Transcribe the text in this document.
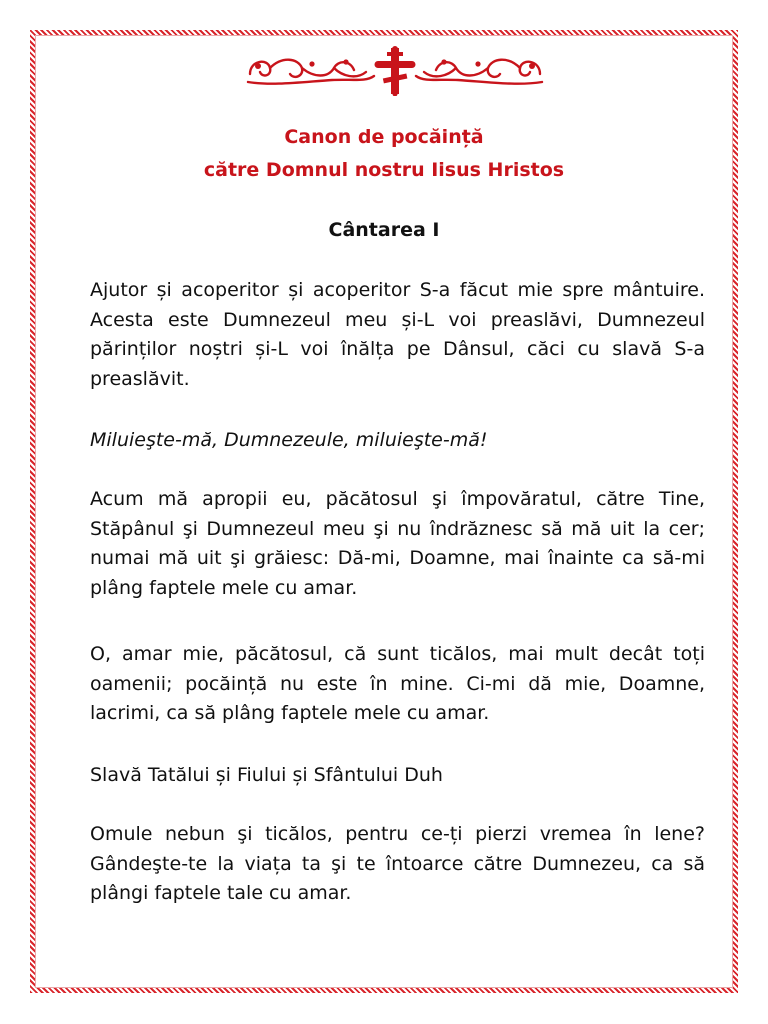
Canon de pocăință
către Domnul nostru Iisus Hristos
Cântarea I

Ajutor și acoperitor și acoperitor S-a făcut mie spre mântuire. Acesta este Dumnezeul meu și-L voi preaslăvi, Dumnezeul părinților noștri și-L voi înălța pe Dânsul, căci cu slavă S-a preaslăvit.

Miluieşte-mă, Dumnezeule, miluieşte-mă!

Acum mă apropii eu, păcătosul şi împovăratul, către Tine, Stăpânul şi Dumnezeul meu şi nu îndrăznesc să mă uit la cer; numai mă uit şi grăiesc: Dă-mi, Doamne, mai înainte ca să-mi plâng faptele mele cu amar.

O, amar mie, păcătosul, că sunt ticălos, mai mult decât toți oamenii; pocăință nu este în mine. Ci-mi dă mie, Doamne, lacrimi, ca să plâng faptele mele cu amar.

Slavă Tatălui și Fiului și Sfântului Duh

Omule nebun şi ticălos, pentru ce-ți pierzi vremea în lene? Gândeşte-te la viața ta şi te întoarce către Dumnezeu, ca să plângi faptele tale cu amar.
